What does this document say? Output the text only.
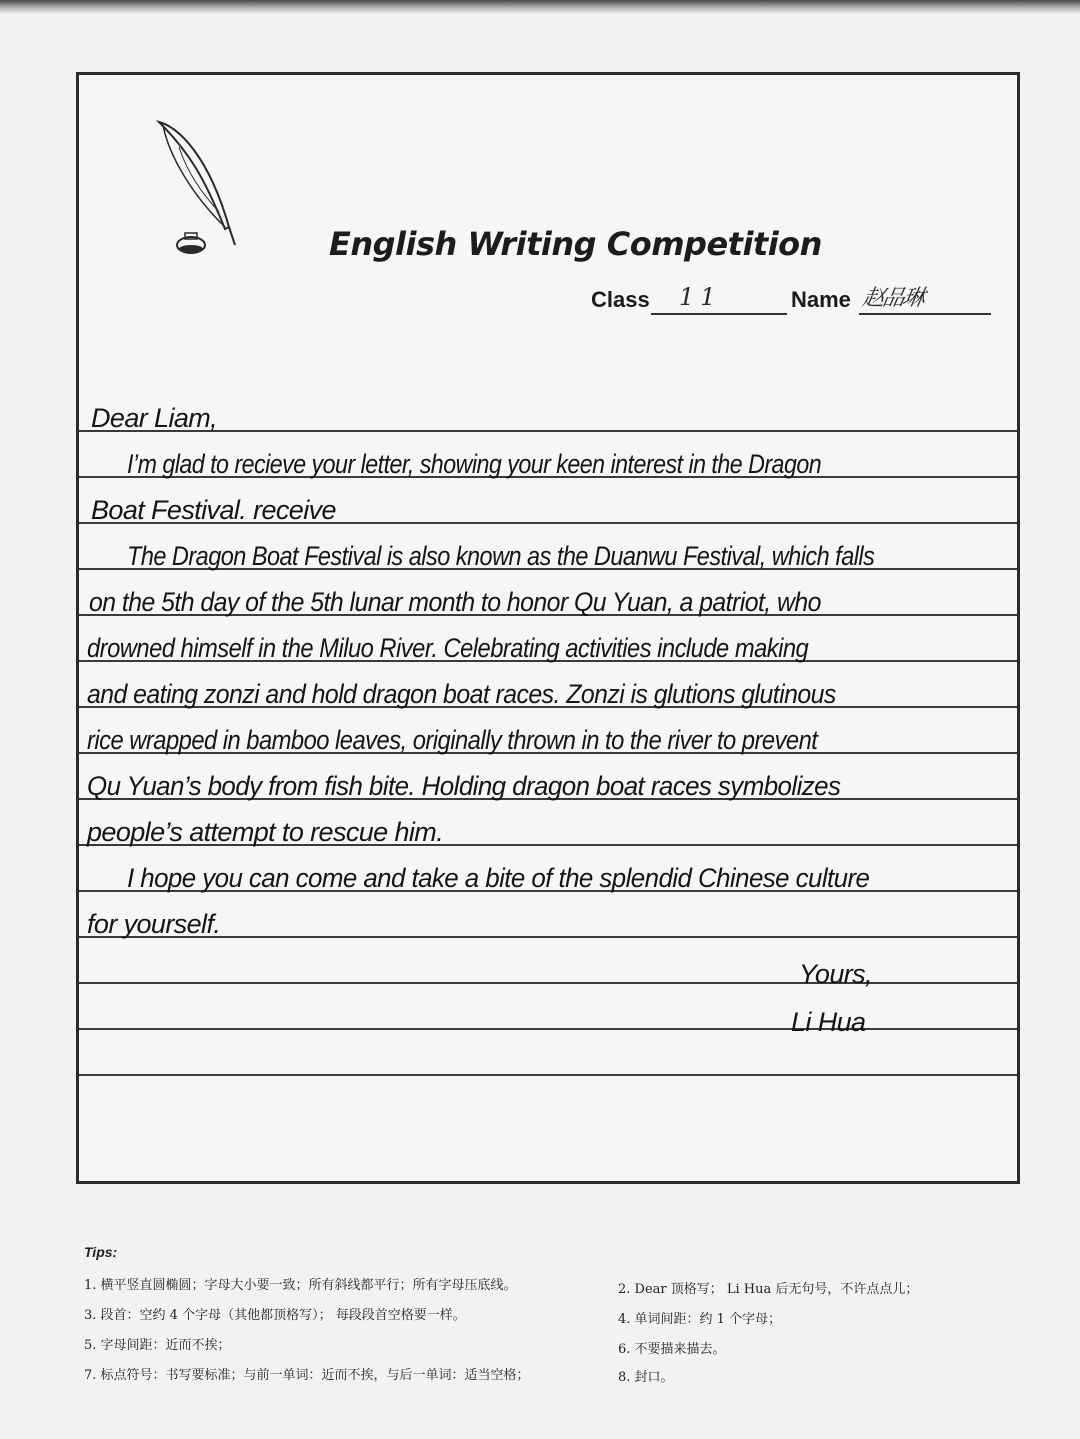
English Writing Competition
Class 11	Name 赵品琳
Dear Liam,
I’m glad to recieve your letter, showing your keen interest in the Dragon
Boat Festival. receive
The Dragon Boat Festival is also known as the Duanwu Festival, which falls
on the 5th day of the 5th lunar month to honor Qu Yuan, a patriot, who
drowned himself in the Miluo River. Celebrating activities include making
and eating zonzi and hold dragon boat races. Zonzi is glutions glutinous
rice wrapped in bamboo leaves, originally thrown in to the river to prevent
Qu Yuan’s body from fish bite. Holding dragon boat races symbolizes
people’s attempt to rescue him.
I hope you can come and take a bite of the splendid Chinese culture
for yourself.
Yours,
Li Hua
Tips:
1. 横平竖直圆椭圆；字母大小要一致；所有斜线都平行；所有字母压底线。	2. Dear 顶格写； Li Hua 后无句号，不许点点儿；
3. 段首：空约 4 个字母（其他都顶格写）； 每段段首空格要一样。	4. 单词间距：约 1 个字母；
5. 字母间距：近而不挨；	6. 不要描来描去。
7. 标点符号：书写要标准；与前一单词：近而不挨，与后一单词：适当空格；	8. 封口。
